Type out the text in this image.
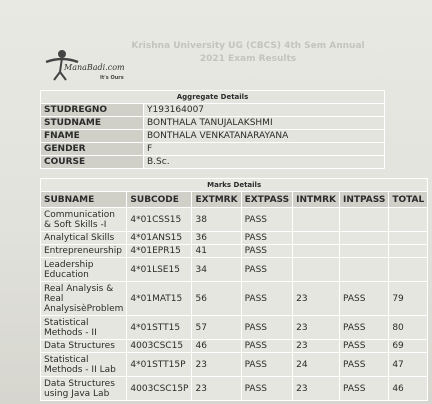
ManaBadi.com
It's Ours
Krishna University UG (CBCS) 4th Sem Annual
2021 Exam Results
Aggregate Details	
STUDREGNO	Y193164007
STUDNAME	BONTHALA TANUJALAKSHMI
FNAME	BONTHALA VENKATANARAYANA
GENDER	F
COURSE	B.Sc.
Marks Details						
SUBNAME	SUBCODE	EXTMRK	EXTPASS	INTMRK	INTPASS	TOTAL
Communication & Soft Skills -I	4*01CSS15	38	PASS			
Analytical Skills	4*01ANS15	36	PASS			
Entrepreneurship	4*01EPR15	41	PASS			
Leadership Education	4*01LSE15	34	PASS			
Real Analysis & Real AnalysisèProblem	4*01MAT15	56	PASS	23	PASS	79
Statistical Methods - II	4*01STT15	57	PASS	23	PASS	80
Data Structures	4003CSC15	46	PASS	23	PASS	69
Statistical Methods - II Lab	4*01STT15P	23	PASS	24	PASS	47
Data Structures using Java Lab	4003CSC15P	23	PASS	23	PASS	46
